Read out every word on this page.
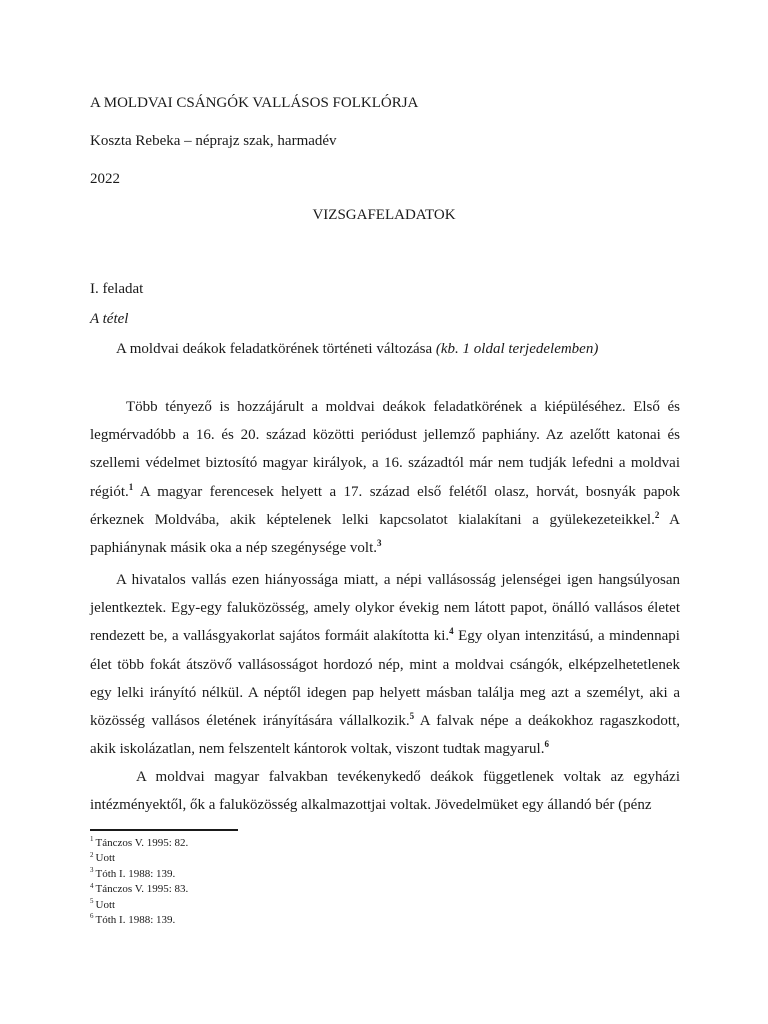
A MOLDVAI CSÁNGÓK VALLÁSOS FOLKLÓRJA
Koszta Rebeka – néprajz szak, harmadév
2022
VIZSGAFELADATOK
I. feladat
A tétel
A moldvai deákok feladatkörének történeti változása (kb. 1 oldal terjedelemben)

Több tényező is hozzájárult a moldvai deákok feladatkörének a kiépüléséhez. Első és legmérvadóbb a 16. és 20. század közötti periódust jellemző paphiány. Az azelőtt katonai és szellemi védelmet biztosító magyar királyok, a 16. századtól már nem tudják lefedni a moldvai régiót.$^1$ A magyar ferencesek helyett a 17. század első felétől olasz, horvát, bosnyák papok érkeznek Moldvába, akik képtelenek lelki kapcsolatot kialakítani a gyülekezeteikkel.$^2$ A paphiánynak másik oka a nép szegénysége volt.$^3$

A hivatalos vallás ezen hiányossága miatt, a népi vallásosság jelenségei igen hangsúlyosan jelentkeztek. Egy-egy faluközösség, amely olykor évekig nem látott papot, önálló vallásos életet rendezett be, a vallásgyakorlat sajátos formáit alakította ki.$^4$ Egy olyan intenzitású, a mindennapi élet több fokát átszövő vallásosságot hordozó nép, mint a moldvai csángók, elképzelhetetlenek egy lelki irányító nélkül. A néptől idegen pap helyett másban találja meg azt a személyt, aki a közösség vallásos életének irányítására vállalkozik.$^5$ A falvak népe a deákokhoz ragaszkodott, akik iskolázatlan, nem felszentelt kántorok voltak, viszont tudtak magyarul.$^6$

A moldvai magyar falvakban tevékenykedő deákok függetlenek voltak az egyházi intézményektől, ők a faluközösség alkalmazottjai voltak. Jövedelmüket egy állandó bér (pénz

$^1$ Tánczos V. 1995: 82.
$^2$ Uott
$^3$ Tóth I. 1988: 139.
$^4$ Tánczos V. 1995: 83.
$^5$ Uott
$^6$ Tóth I. 1988: 139.
